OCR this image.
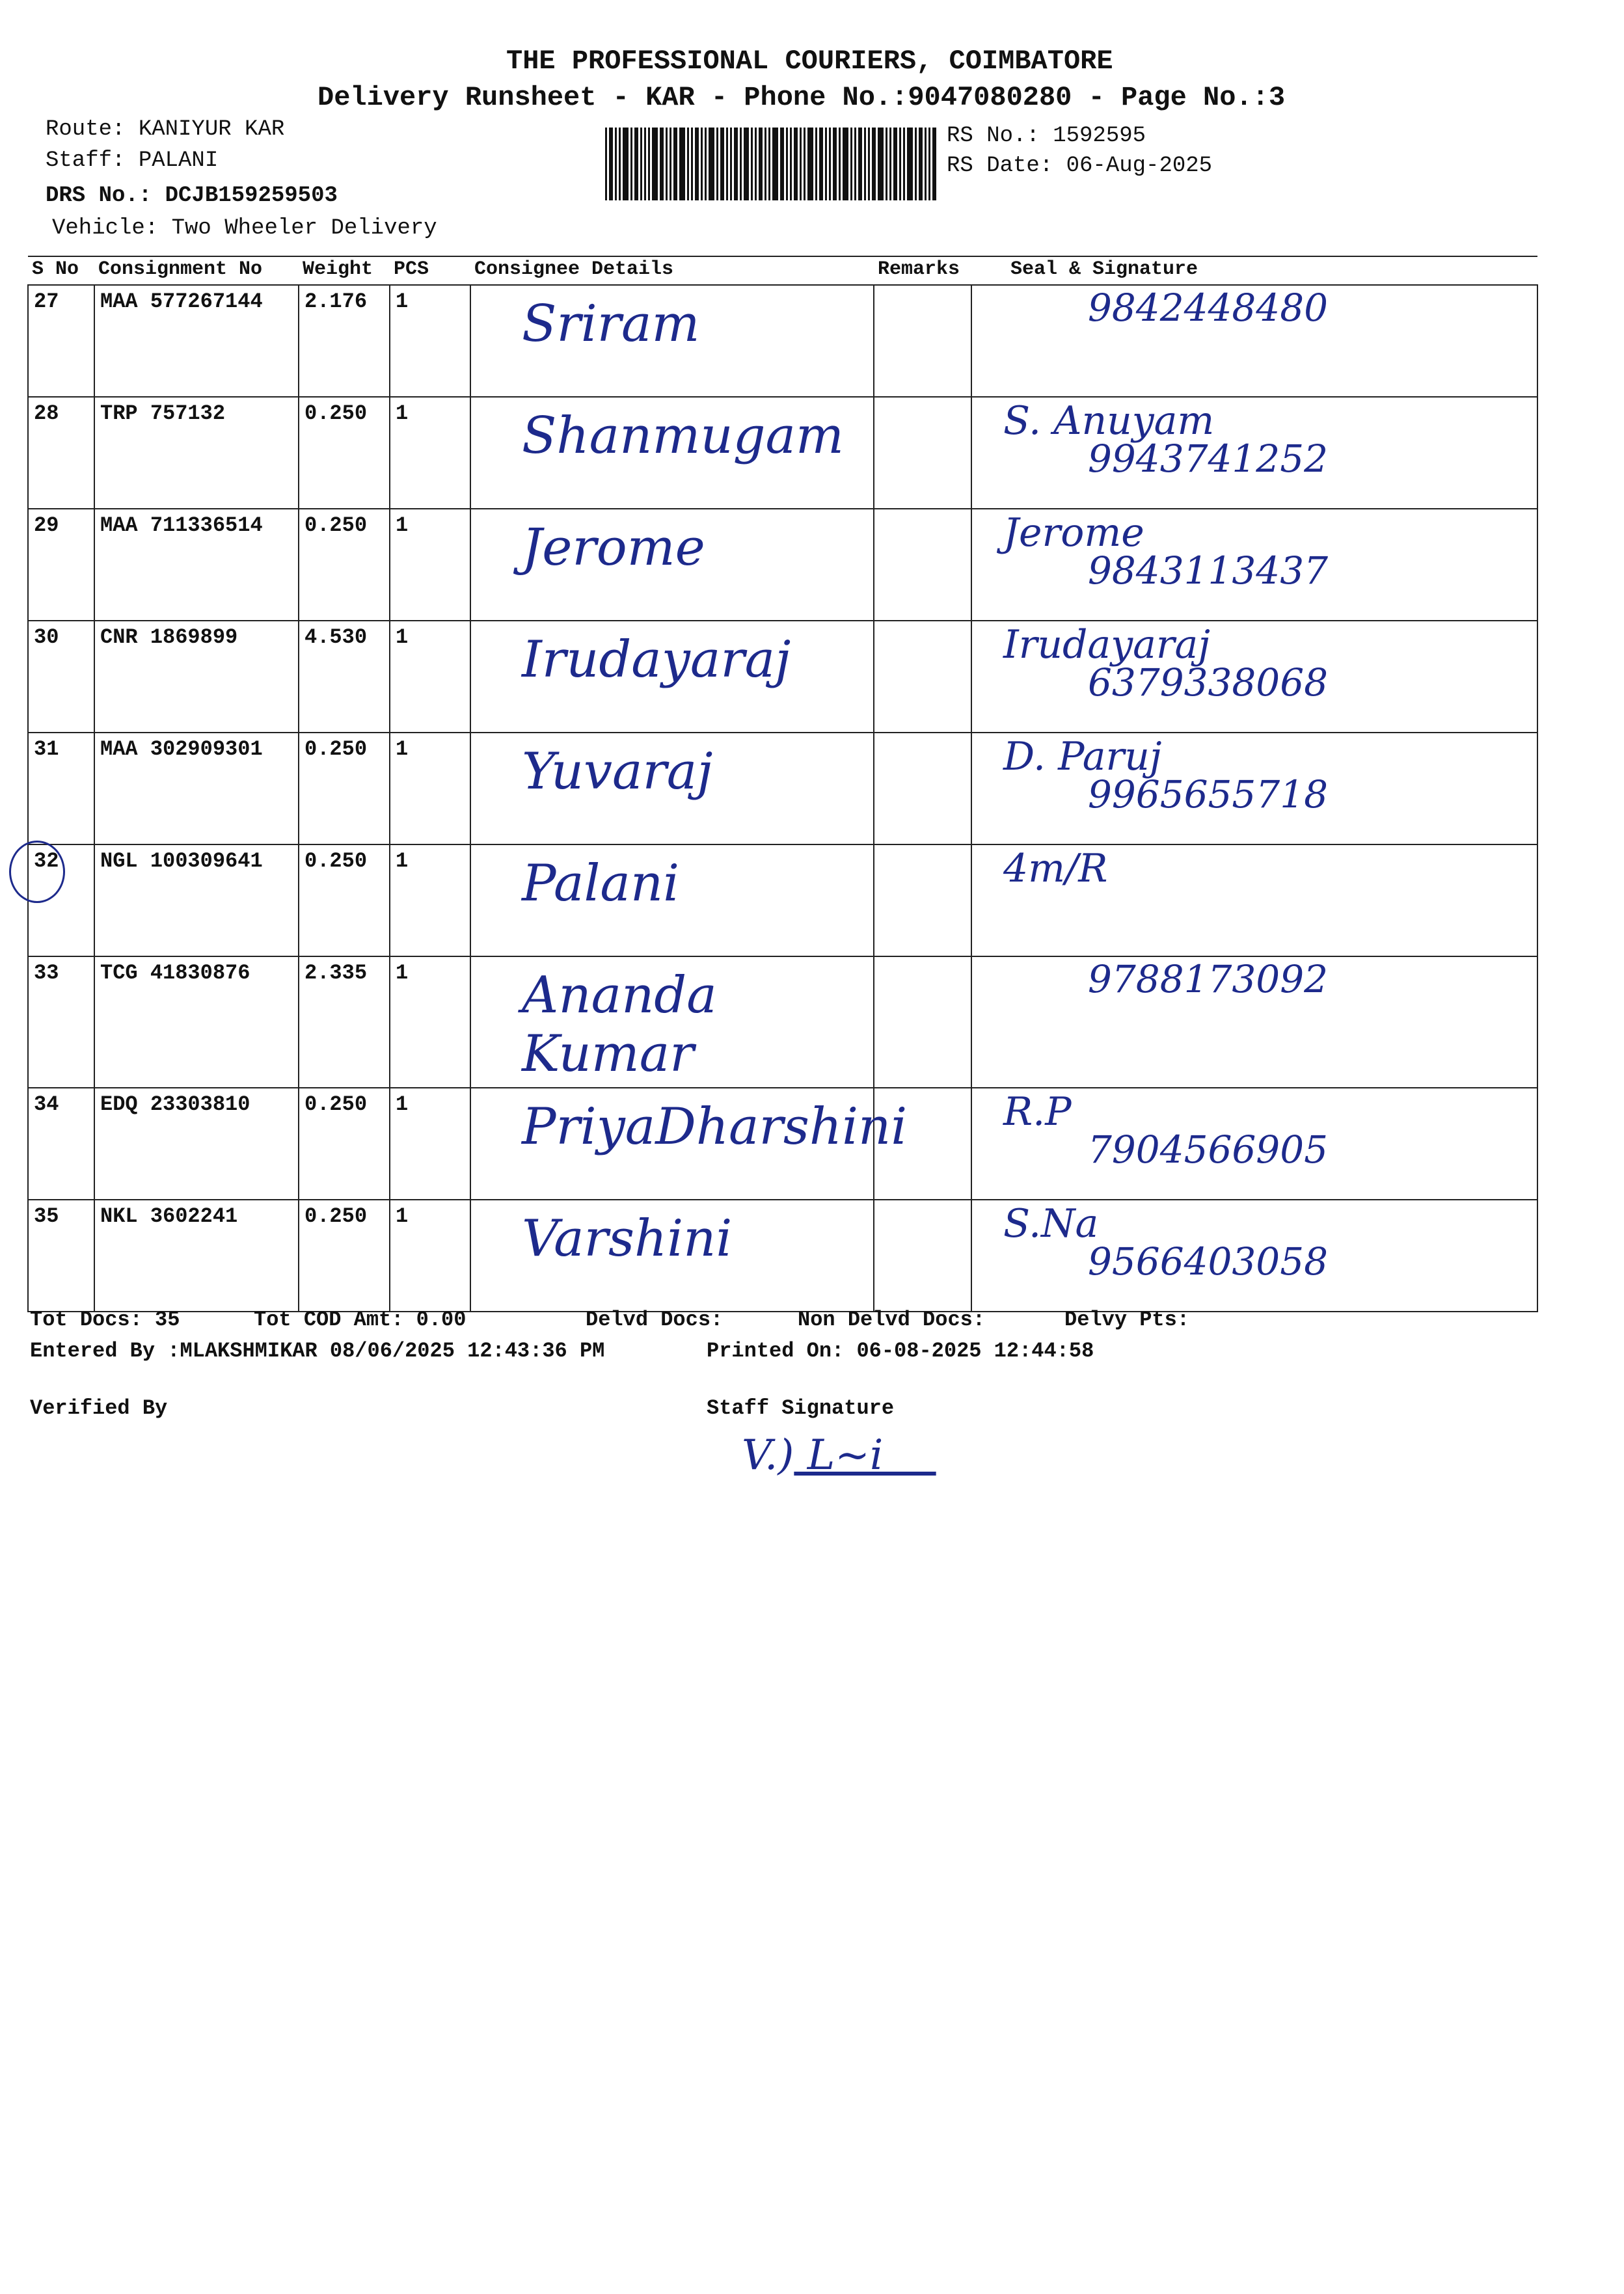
THE PROFESSIONAL COURIERS, COIMBATORE
Delivery Runsheet - KAR - Phone No.:9047080280 - Page No.:3
Route: KANIYUR KAR
Staff: PALANI
DRS No.: DCJB159259503
Vehicle: Two Wheeler Delivery
RS No.: 1592595
RS Date: 06-Aug-2025
S No	Consignment No	Weight	PCS	Consignee Details	Remarks	Seal & Signature
27	MAA 577267144	2.176	1	Sriram		9842448480

28	TRP 757132	0.250	1	Shanmugam		S. Anuyam
9943741252

29	MAA 711336514	0.250	1	Jerome		Jerome
9843113437

30	CNR 1869899	4.530	1	Irudayaraj		Irudayaraj
6379338068

31	MAA 302909301	0.250	1	Yuvaraj		D. Paruj
9965655718

32	NGL 100309641	0.250	1	Palani		4m/R

33	TCG 41830876	2.335	1	Ananda Kumar		9788173092

34	EDQ 23303810	0.250	1	PriyaDharshini		R.P
7904566905

35	NKL 3602241	0.250	1	Varshini		S.Na
9566403058
Tot Docs: 35	Tot COD Amt: 0.00	Delvd Docs:	Non Delvd Docs:	Delvy Pts:
Entered By :MLAKSHMIKAR 08/06/2025 12:43:36 PM	Printed On: 06-08-2025 12:44:58
Verified By	Staff Signature
V.) L~i
